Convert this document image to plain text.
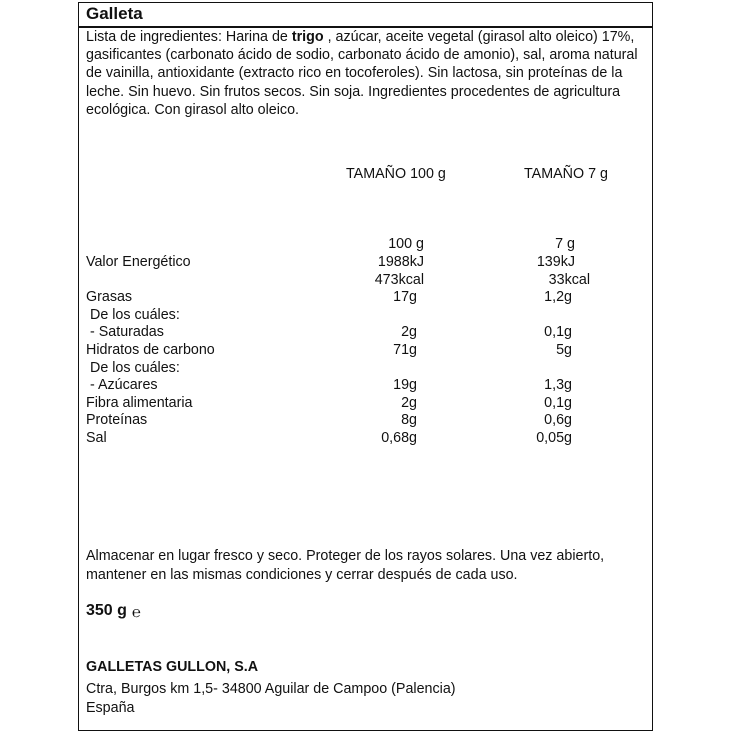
Galleta
Lista de ingredientes: Harina de trigo , azúcar, aceite vegetal (girasol alto oleico) 17%, gasificantes (carbonato ácido de sodio, carbonato ácido de amonio), sal, aroma natural de vainilla, antioxidante (extracto rico en tocoferoles). Sin lactosa, sin proteínas de la leche. Sin huevo. Sin frutos secos. Sin soja. Ingredientes procedentes de agricultura ecológica. Con girasol alto oleico.
TAMAÑO 100 g	TAMAÑO 7 g
100 g	7 g
Valor Energético	1988kJ	139kJ
473kcal	33kcal
Grasas	17g	1,2g
De los cuáles:
- Saturadas	2g	0,1g
Hidratos de carbono	71g	5g
De los cuáles:
- Azúcares	19g	1,3g
Fibra alimentaria	2g	0,1g
Proteínas	8g	0,6g
Sal	0,68g	0,05g
Almacenar en lugar fresco y seco. Proteger de los rayos solares. Una vez abierto, mantener en las mismas condiciones y cerrar después de cada uso.
350 g ℮
GALLETAS GULLON, S.A
Ctra, Burgos km 1,5- 34800 Aguilar de Campoo (Palencia)
España
